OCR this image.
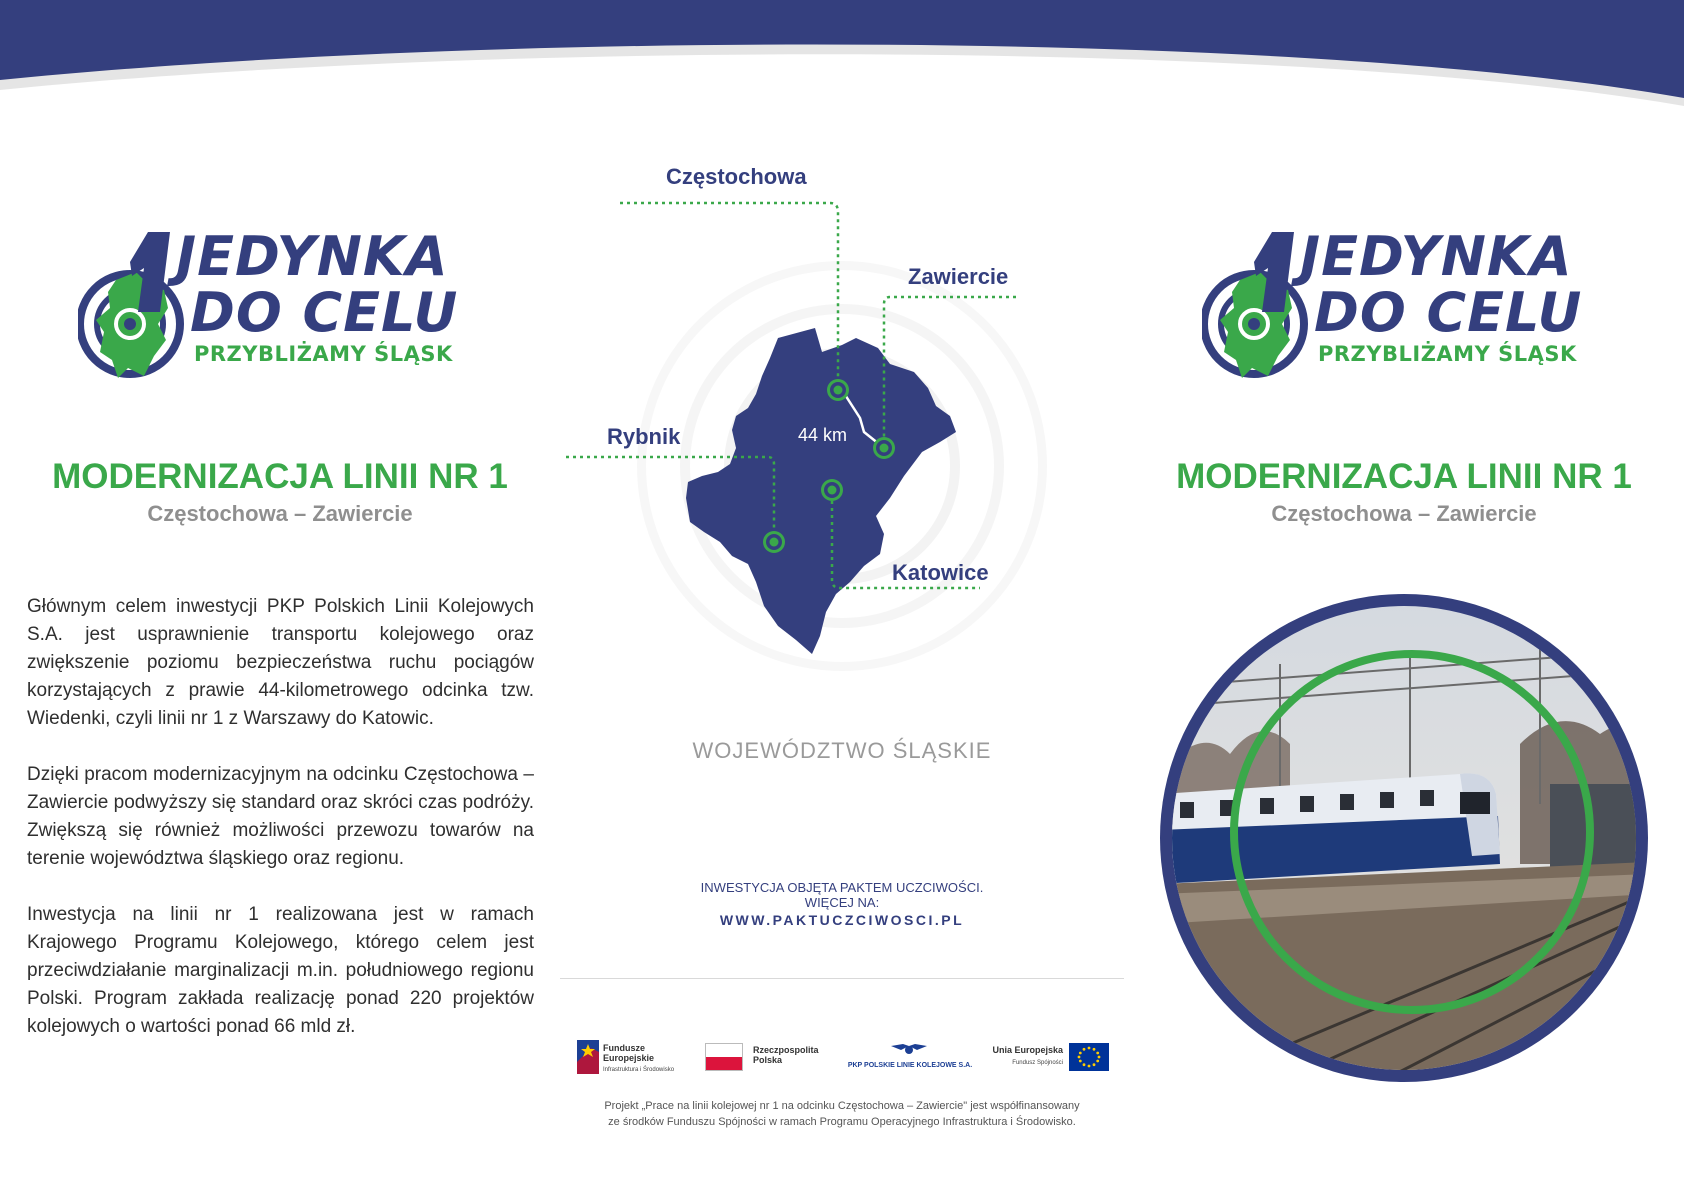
JEDYNKA
DO CELU
PRZYBLIŻAMY ŚLĄSK
MODERNIZACJA LINII NR 1
Częstochowa – Zawiercie

Głównym celem inwestycji PKP Polskich Linii Kolejowych S.A. jest usprawnienie transportu kolejowego oraz zwiększenie poziomu bezpieczeństwa ruchu pociągów korzystających z prawie 44-kilometrowego odcinka tzw. Wiedenki, czyli linii nr 1 z Warszawy do Katowic.

Dzięki pracom modernizacyjnym na odcinku Częstochowa – Zawiercie podwyższy się standard oraz skróci czas podróży. Zwiększą się również możliwości przewozu towarów na terenie województwa śląskiego oraz regionu.

Inwestycja na linii nr 1 realizowana jest w ramach Krajowego Programu Kolejowego, którego celem jest przeciwdziałanie marginalizacji m.in. południowego regionu Polski. Program zakłada realizację ponad 220 projektów kolejowych o wartości ponad 66 mld zł.

44 km
Częstochowa
Zawiercie
Rybnik
Katowice
WOJEWÓDZTWO ŚLĄSKIE
INWESTYCJA OBJĘTA PAKTEM UCZCIWOŚCI.
WIĘCEJ NA:
WWW.PAKTUCZCIWOSCI.PL
Fundusze Europejskie
Infrastruktura i Środowisko
Rzeczpospolita Polska
PKP POLSKIE LINIE KOLEJOWE S.A.
Unia Europejska
Fundusz Spójności
Projekt „Prace na linii kolejowej nr 1 na odcinku Częstochowa – Zawiercie" jest współfinansowany
ze środków Funduszu Spójności w ramach Programu Operacyjnego Infrastruktura i Środowisko.
JEDYNKA
DO CELU
PRZYBLIŻAMY ŚLĄSK
MODERNIZACJA LINII NR 1
Częstochowa – Zawiercie
